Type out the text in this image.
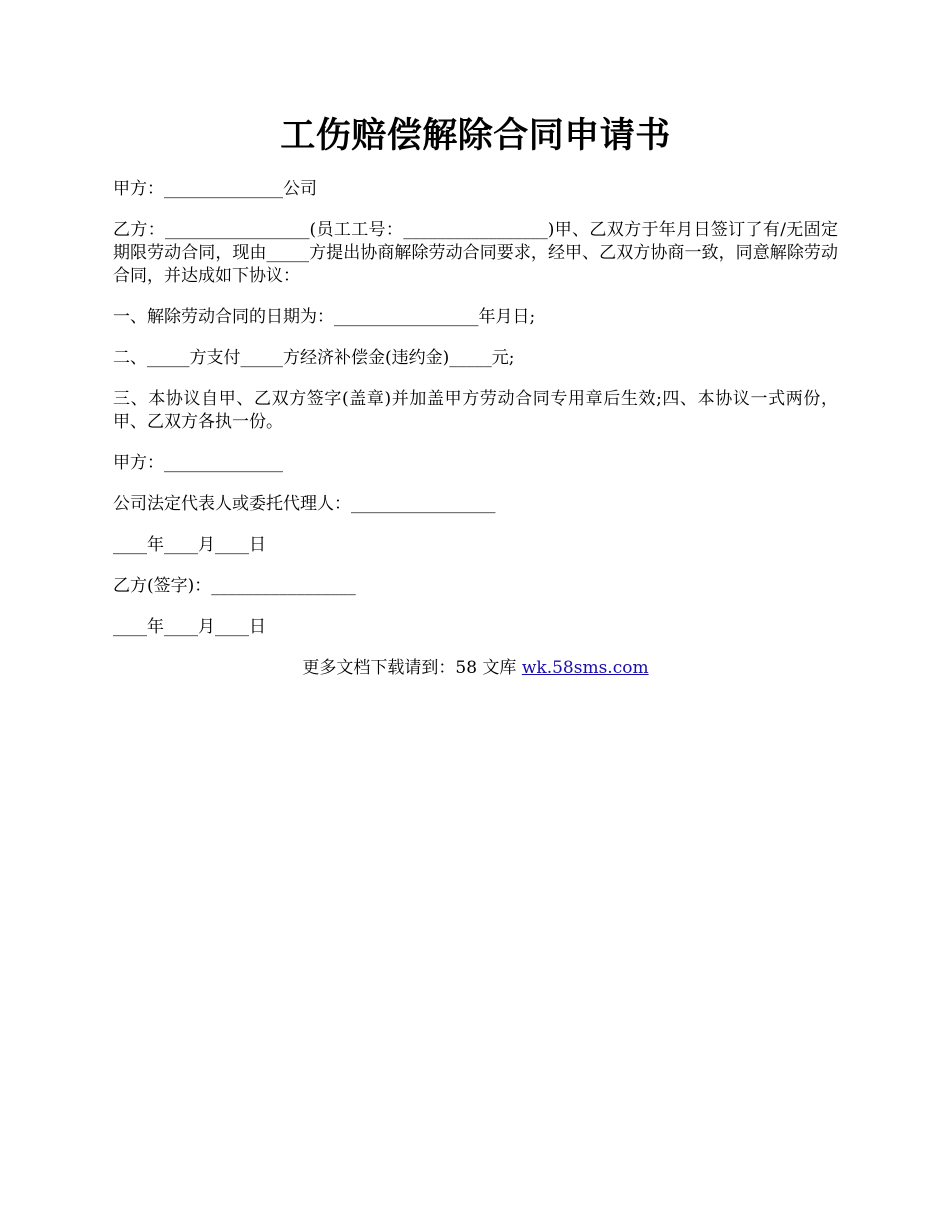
工伤赔偿解除合同申请书

甲方：______________公司

乙方：_________________(员工工号：_________________)甲、乙双方于年月日签订了有/无固定期限劳动合同，现由_____方提出协商解除劳动合同要求，经甲、乙双方协商一致，同意解除劳动合同，并达成如下协议：

一、解除劳动合同的日期为：_________________年月日;

二、_____方支付_____方经济补偿金(违约金)_____元;

三、本协议自甲、乙双方签字(盖章)并加盖甲方劳动合同专用章后生效;四、本协议一式两份，甲、乙双方各执一份。

甲方：______________

公司法定代表人或委托代理人：_________________

____年____月____日

乙方(签字)：_________________

____年____月____日

更多文档下载请到：58 文库 wk.58sms.com
